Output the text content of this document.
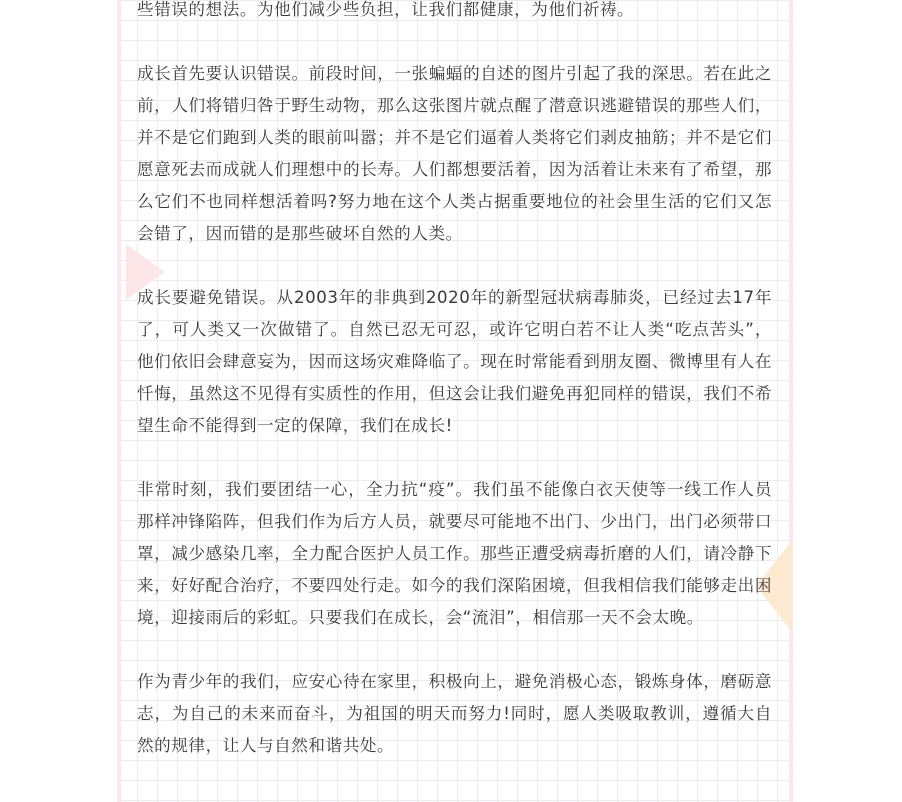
些错误的想法。为他们减少些负担，让我们都健康，为他们祈祷。

成长首先要认识错误。前段时间，一张蝙蝠的自述的图片引起了我的深思。若在此之前，人们将错归咎于野生动物，那么这张图片就点醒了潜意识逃避错误的那些人们，并不是它们跑到人类的眼前叫嚣；并不是它们逼着人类将它们剥皮抽筋；并不是它们愿意死去而成就人们理想中的长寿。人们都想要活着，因为活着让未来有了希望，那么它们不也同样想活着吗?努力地在这个人类占据重要地位的社会里生活的它们又怎会错了，因而错的是那些破坏自然的人类。

成长要避免错误。从2003年的非典到2020年的新型冠状病毒肺炎，已经过去17年了，可人类又一次做错了。自然已忍无可忍，或许它明白若不让人类“吃点苦头”，他们依旧会肆意妄为，因而这场灾难降临了。现在时常能看到朋友圈、微博里有人在忏悔，虽然这不见得有实质性的作用，但这会让我们避免再犯同样的错误，我们不希望生命不能得到一定的保障，我们在成长!

非常时刻，我们要团结一心，全力抗“疫”。我们虽不能像白衣天使等一线工作人员那样冲锋陷阵，但我们作为后方人员，就要尽可能地不出门、少出门，出门必须带口罩，减少感染几率，全力配合医护人员工作。那些正遭受病毒折磨的人们，请冷静下来，好好配合治疗，不要四处行走。如今的我们深陷困境，但我相信我们能够走出困境，迎接雨后的彩虹。只要我们在成长，会“流泪”，相信那一天不会太晚。

作为青少年的我们，应安心待在家里，积极向上，避免消极心态，锻炼身体，磨砺意志，为自己的未来而奋斗，为祖国的明天而努力!同时，愿人类吸取教训，遵循大自然的规律，让人与自然和谐共处。
